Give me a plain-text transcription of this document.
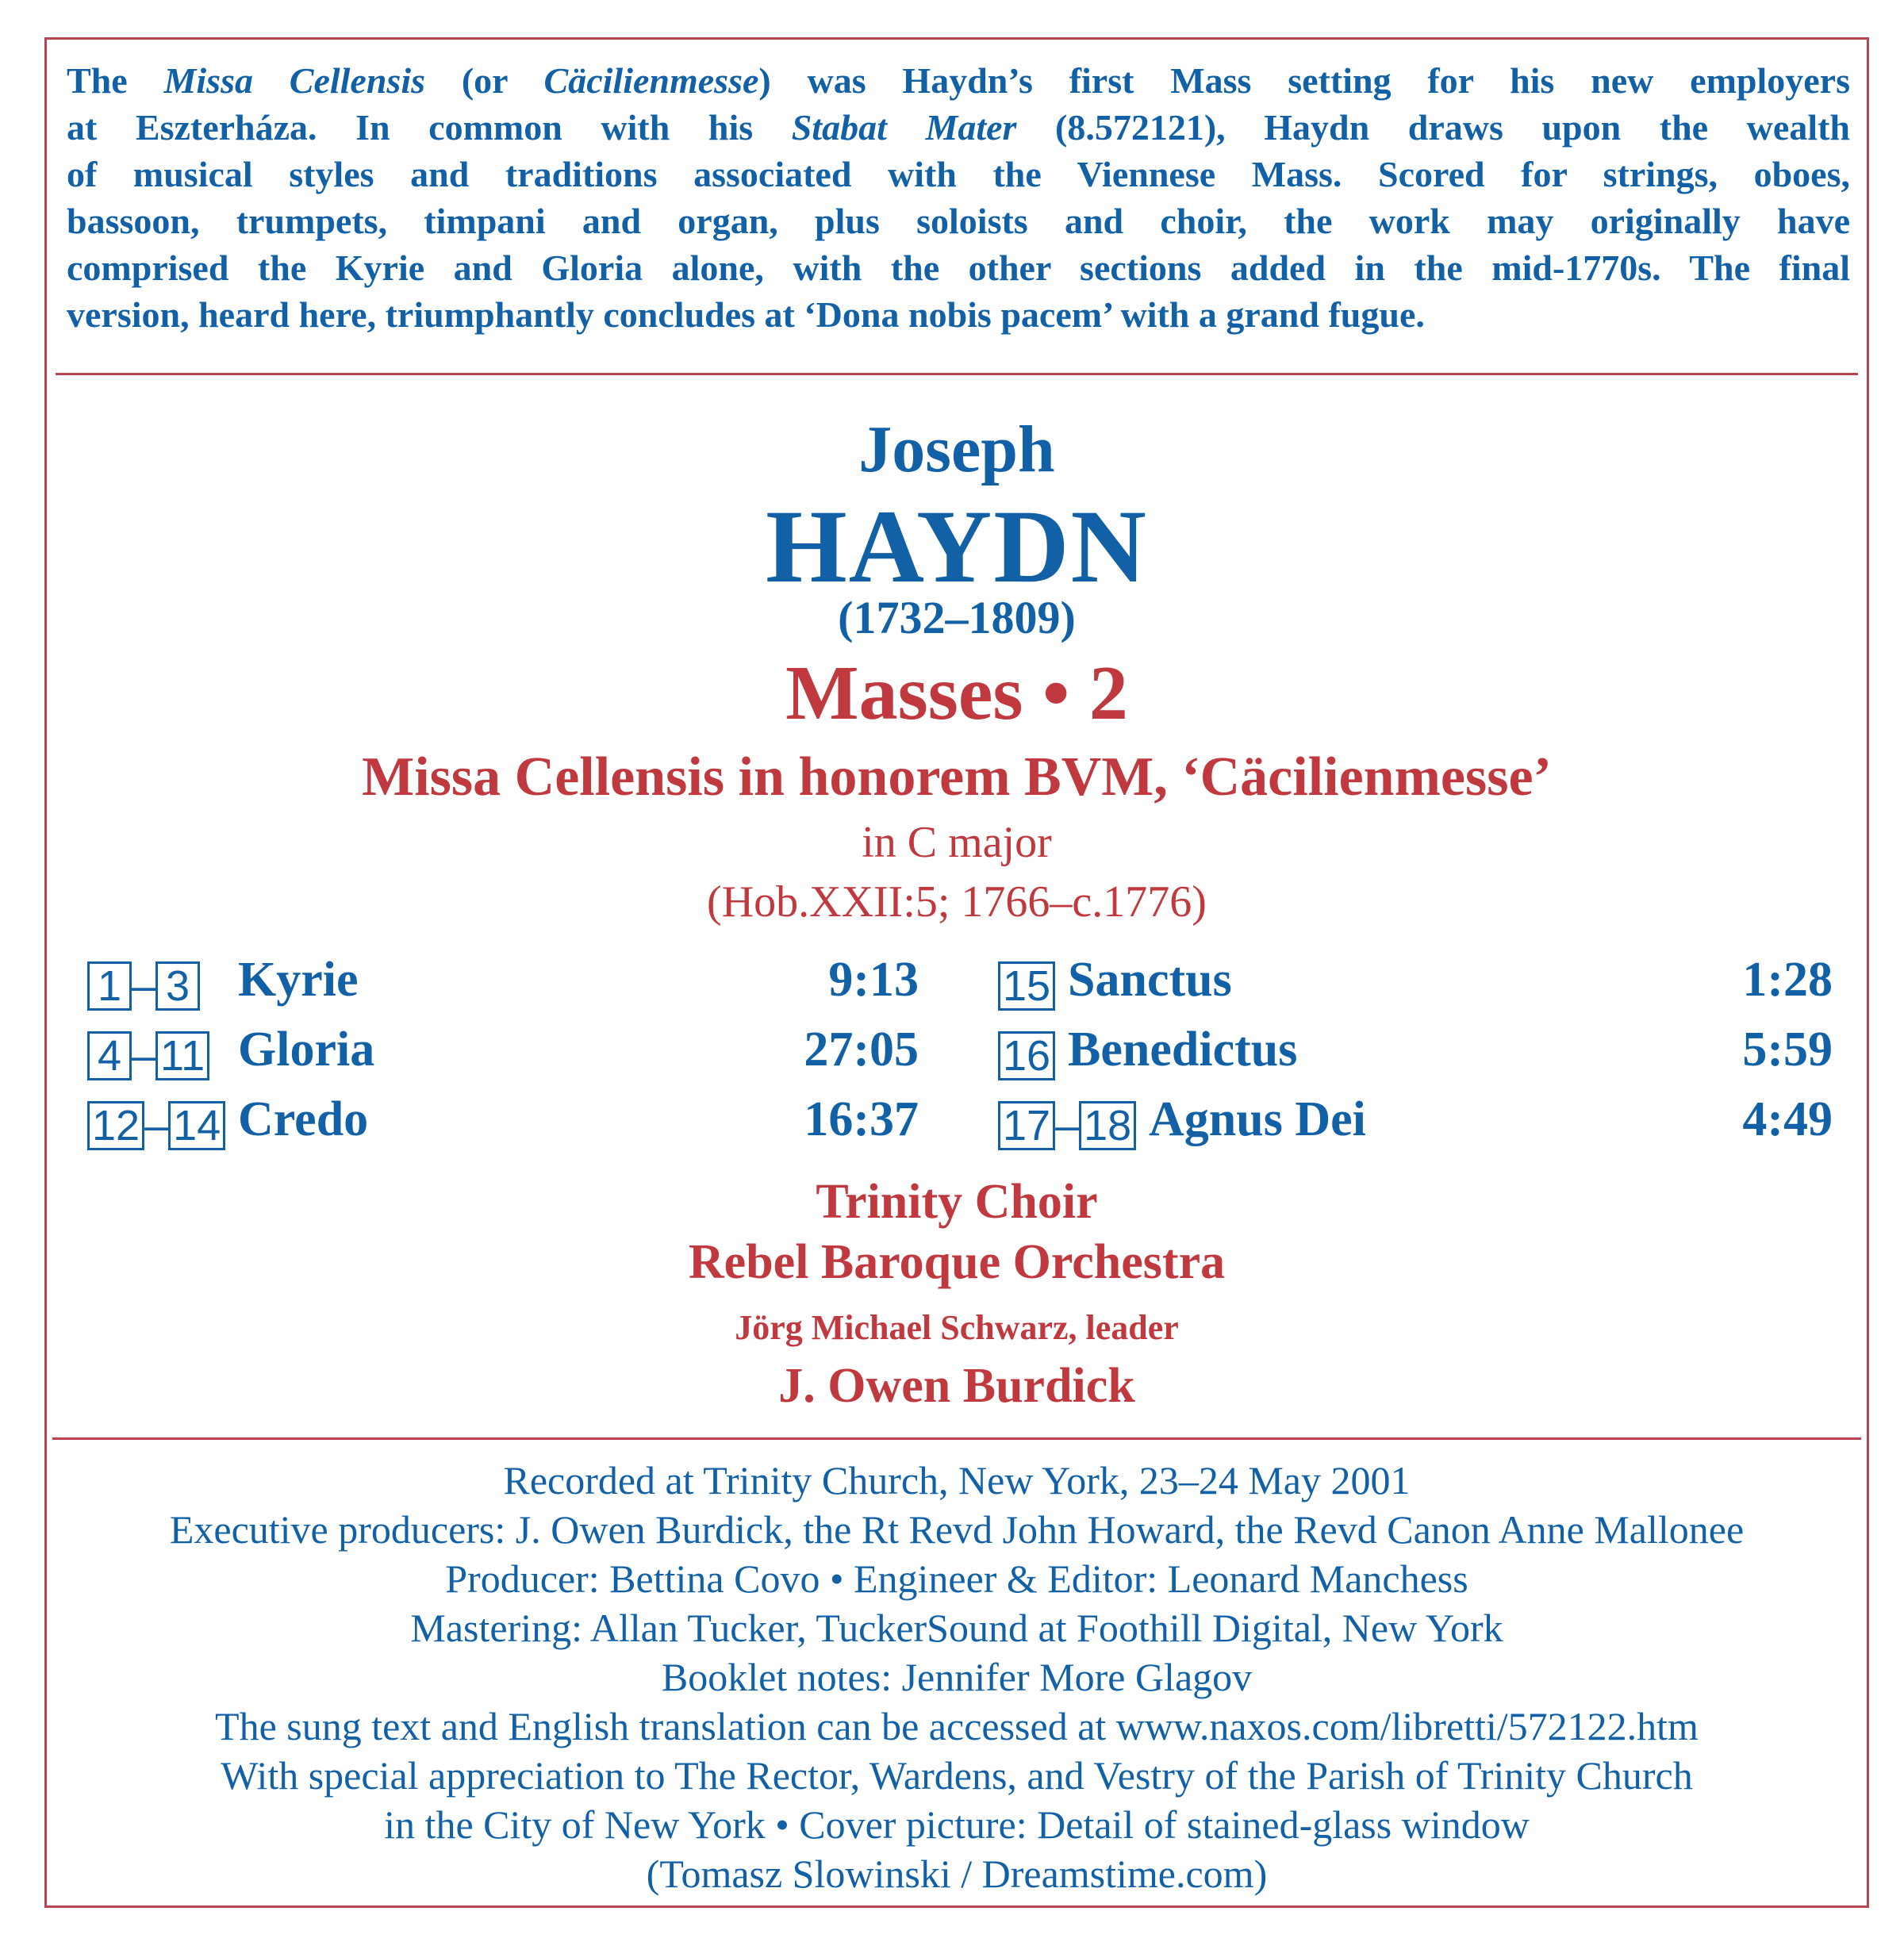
The Missa Cellensis (or Cäcilienmesse) was Haydn’s first Mass setting for his new employers
at Eszterháza. In common with his Stabat Mater (8.572121), Haydn draws upon the wealth
of musical styles and traditions associated with the Viennese Mass. Scored for strings, oboes,
bassoon, trumpets, timpani and organ, plus soloists and choir, the work may originally have
comprised the Kyrie and Gloria alone, with the other sections added in the mid-1770s. The final
version, heard here, triumphantly concludes at ‘Dona nobis pacem’ with a grand fugue.
Joseph
HAYDN
(1732–1809)
Masses • 2
Missa Cellensis in honorem BVM, ‘Cäcilienmesse’
in C major
(Hob.XXII:5; 1766–c.1776)
1 – 3 Kyrie	9:13
4 – 11 Gloria	27:05
12 – 14 Credo	16:37
15 Sanctus	1:28
16 Benedictus	5:59
17 – 18 Agnus Dei	4:49
Trinity Choir
Rebel Baroque Orchestra
Jörg Michael Schwarz, leader
J. Owen Burdick
Recorded at Trinity Church, New York, 23–24 May 2001
Executive producers: J. Owen Burdick, the Rt Revd John Howard, the Revd Canon Anne Mallonee
Producer: Bettina Covo • Engineer & Editor: Leonard Manchess
Mastering: Allan Tucker, TuckerSound at Foothill Digital, New York
Booklet notes: Jennifer More Glagov
The sung text and English translation can be accessed at www.naxos.com/libretti/572122.htm
With special appreciation to The Rector, Wardens, and Vestry of the Parish of Trinity Church
in the City of New York • Cover picture: Detail of stained-glass window
(Tomasz Slowinski / Dreamstime.com)
